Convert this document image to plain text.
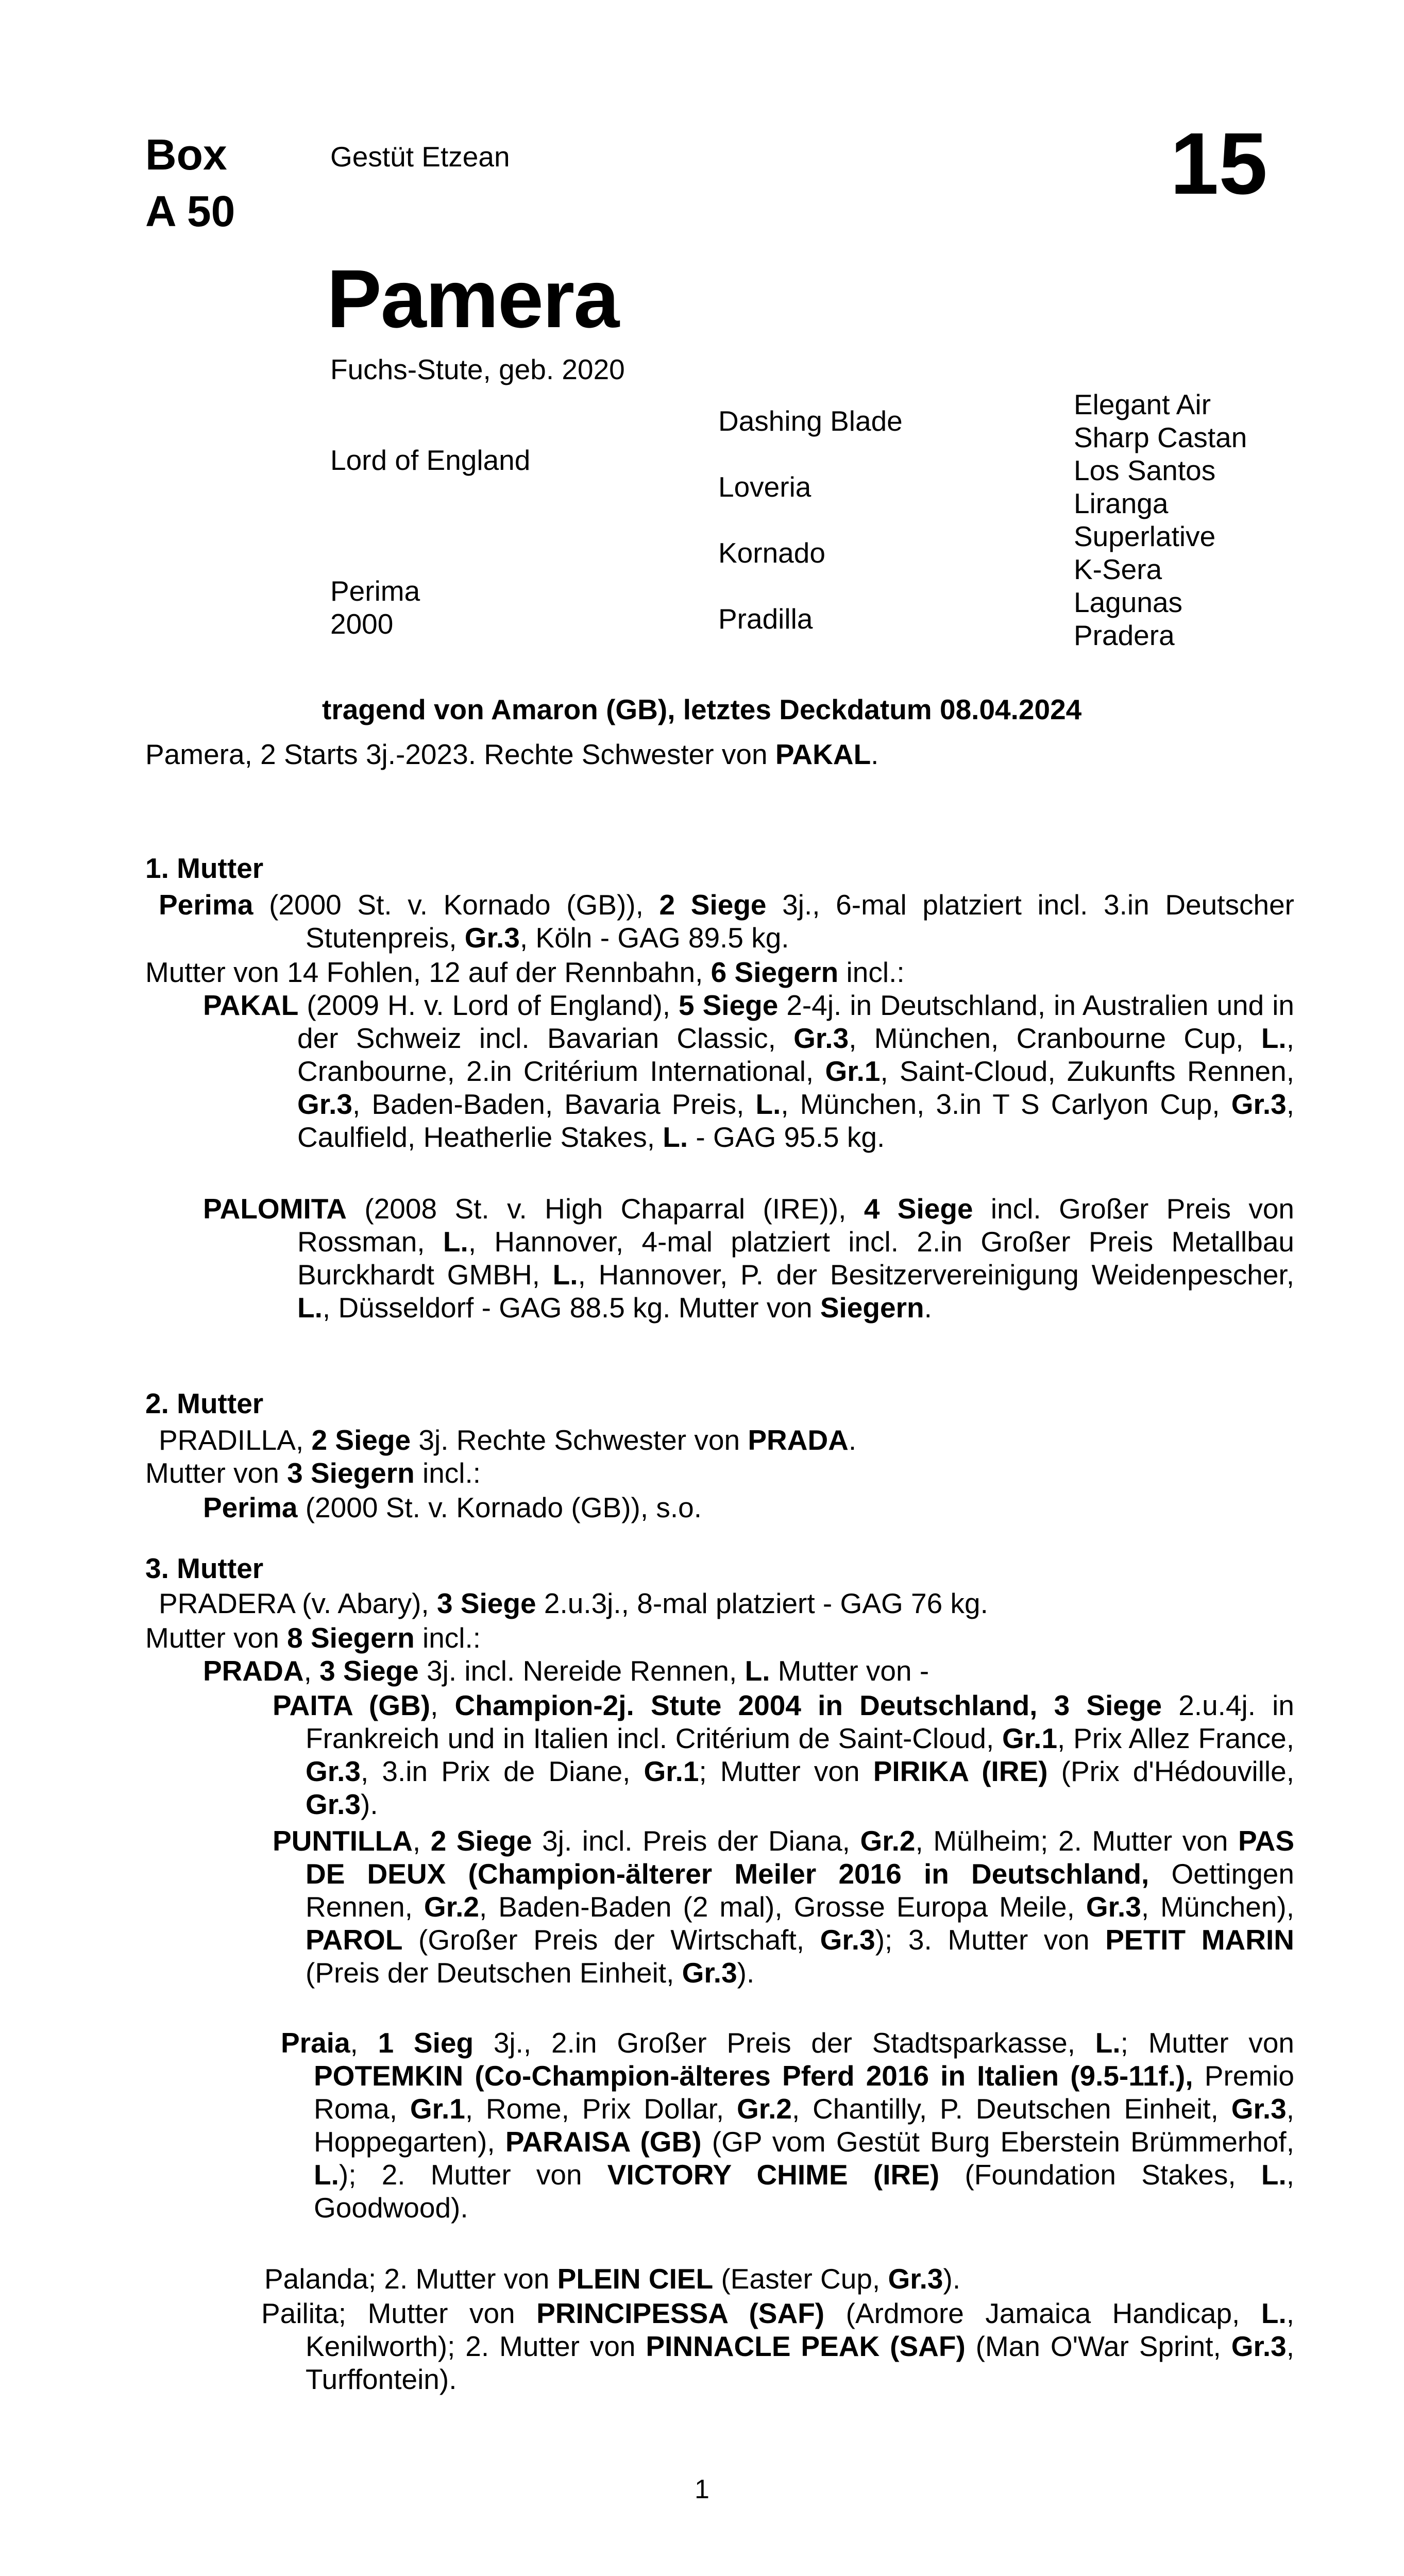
Box
A 50
Gestüt Etzean	15
Pamera
Fuchs-Stute, geb. 2020
Lord of England
Perima
2000
Dashing Blade
Loveria
Kornado
Pradilla
Elegant Air
Sharp Castan
Los Santos
Liranga
Superlative
K-Sera
Lagunas
Pradera
tragend von Amaron (GB), letztes Deckdatum 08.04.2024
Pamera, 2 Starts 3j.-2023. Rechte Schwester von PAKAL.
1. Mutter
Perima (2000 St. v. Kornado (GB)), 2 Siege 3j., 6-mal platziert incl. 3.in Deutscher Stutenpreis, Gr.3, Köln - GAG 89.5 kg.
Mutter von 14 Fohlen, 12 auf der Rennbahn, 6 Siegern incl.:
PAKAL (2009 H. v. Lord of England), 5 Siege 2-4j. in Deutschland, in Australien und in der Schweiz incl. Bavarian Classic, Gr.3, München, Cranbourne Cup, L., Cranbourne, 2.in Critérium International, Gr.1, Saint-Cloud, Zukunfts Rennen, Gr.3, Baden-Baden, Bavaria Preis, L., München, 3.in T S Carlyon Cup, Gr.3, Caulfield, Heatherlie Stakes, L. - GAG 95.5 kg.
PALOMITA (2008 St. v. High Chaparral (IRE)), 4 Siege incl. Großer Preis von Rossman, L., Hannover, 4-mal platziert incl. 2.in Großer Preis Metallbau Burckhardt GMBH, L., Hannover, P. der Besitzervereinigung Weidenpescher, L., Düsseldorf - GAG 88.5 kg. Mutter von Siegern.
2. Mutter
PRADILLA, 2 Siege 3j. Rechte Schwester von PRADA.
Mutter von 3 Siegern incl.:
Perima (2000 St. v. Kornado (GB)), s.o.
3. Mutter
PRADERA (v. Abary), 3 Siege 2.u.3j., 8-mal platziert - GAG 76 kg.
Mutter von 8 Siegern incl.:
PRADA, 3 Siege 3j. incl. Nereide Rennen, L. Mutter von -
PAITA (GB), Champion-2j. Stute 2004 in Deutschland, 3 Siege 2.u.4j. in Frankreich und in Italien incl. Critérium de Saint-Cloud, Gr.1, Prix Allez France, Gr.3, 3.in Prix de Diane, Gr.1; Mutter von PIRIKA (IRE) (Prix d'Hédouville, Gr.3).
PUNTILLA, 2 Siege 3j. incl. Preis der Diana, Gr.2, Mülheim; 2. Mutter von PAS DE DEUX (Champion-älterer Meiler 2016 in Deutschland, Oettingen Rennen, Gr.2, Baden-Baden (2 mal), Grosse Europa Meile, Gr.3, München), PAROL (Großer Preis der Wirtschaft, Gr.3); 3. Mutter von PETIT MARIN (Preis der Deutschen Einheit, Gr.3).
Praia, 1 Sieg 3j., 2.in Großer Preis der Stadtsparkasse, L.; Mutter von POTEMKIN (Co-Champion-älteres Pferd 2016 in Italien (9.5-11f.), Premio Roma, Gr.1, Rome, Prix Dollar, Gr.2, Chantilly, P. Deutschen Einheit, Gr.3, Hoppegarten), PARAISA (GB) (GP vom Gestüt Burg Eberstein Brümmerhof, L.); 2. Mutter von VICTORY CHIME (IRE) (Foundation Stakes, L., Goodwood).
Palanda; 2. Mutter von PLEIN CIEL (Easter Cup, Gr.3).
Pailita; Mutter von PRINCIPESSA (SAF) (Ardmore Jamaica Handicap, L., Kenilworth); 2. Mutter von PINNACLE PEAK (SAF) (Man O'War Sprint, Gr.3, Turffontein).
1
